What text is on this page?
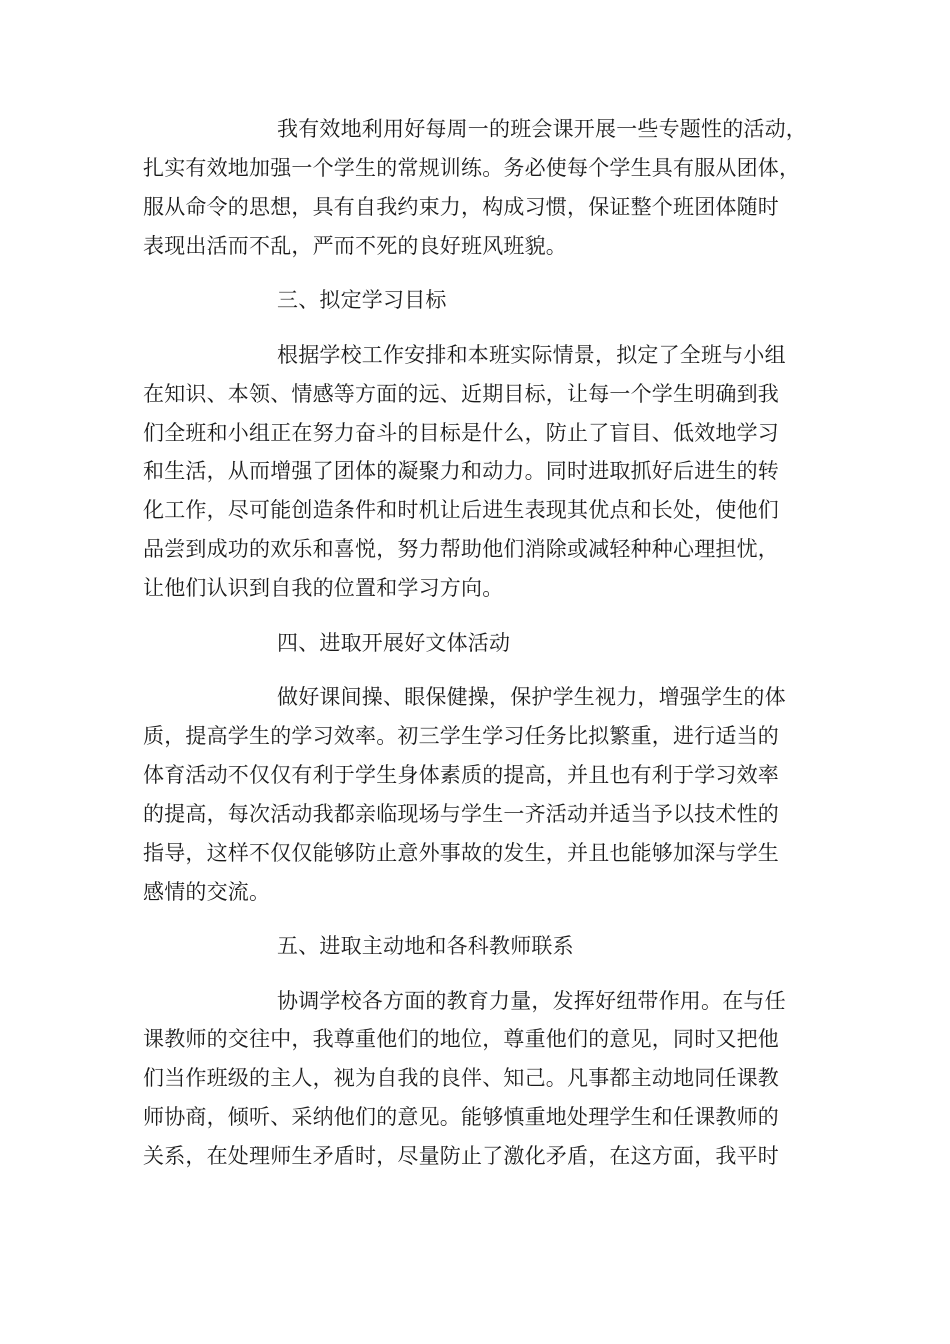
我有效地利用好每周一的班会课开展一些专题性的活动，
扎实有效地加强一个学生的常规训练。务必使每个学生具有服从团体，
服从命令的思想，具有自我约束力，构成习惯，保证整个班团体随时
表现出活而不乱，严而不死的良好班风班貌。
三、拟定学习目标
根据学校工作安排和本班实际情景，拟定了全班与小组
在知识、本领、情感等方面的远、近期目标，让每一个学生明确到我
们全班和小组正在努力奋斗的目标是什么，防止了盲目、低效地学习
和生活，从而增强了团体的凝聚力和动力。同时进取抓好后进生的转
化工作，尽可能创造条件和时机让后进生表现其优点和长处，使他们
品尝到成功的欢乐和喜悦，努力帮助他们消除或减轻种种心理担忧，
让他们认识到自我的位置和学习方向。
四、进取开展好文体活动
做好课间操、眼保健操，保护学生视力，增强学生的体
质，提高学生的学习效率。初三学生学习任务比拟繁重，进行适当的
体育活动不仅仅有利于学生身体素质的提高，并且也有利于学习效率
的提高，每次活动我都亲临现场与学生一齐活动并适当予以技术性的
指导，这样不仅仅能够防止意外事故的发生，并且也能够加深与学生
感情的交流。
五、进取主动地和各科教师联系
协调学校各方面的教育力量，发挥好纽带作用。在与任
课教师的交往中，我尊重他们的地位，尊重他们的意见，同时又把他
们当作班级的主人，视为自我的良伴、知己。凡事都主动地同任课教
师协商，倾听、采纳他们的意见。能够慎重地处理学生和任课教师的
关系，在处理师生矛盾时，尽量防止了激化矛盾，在这方面，我平时
